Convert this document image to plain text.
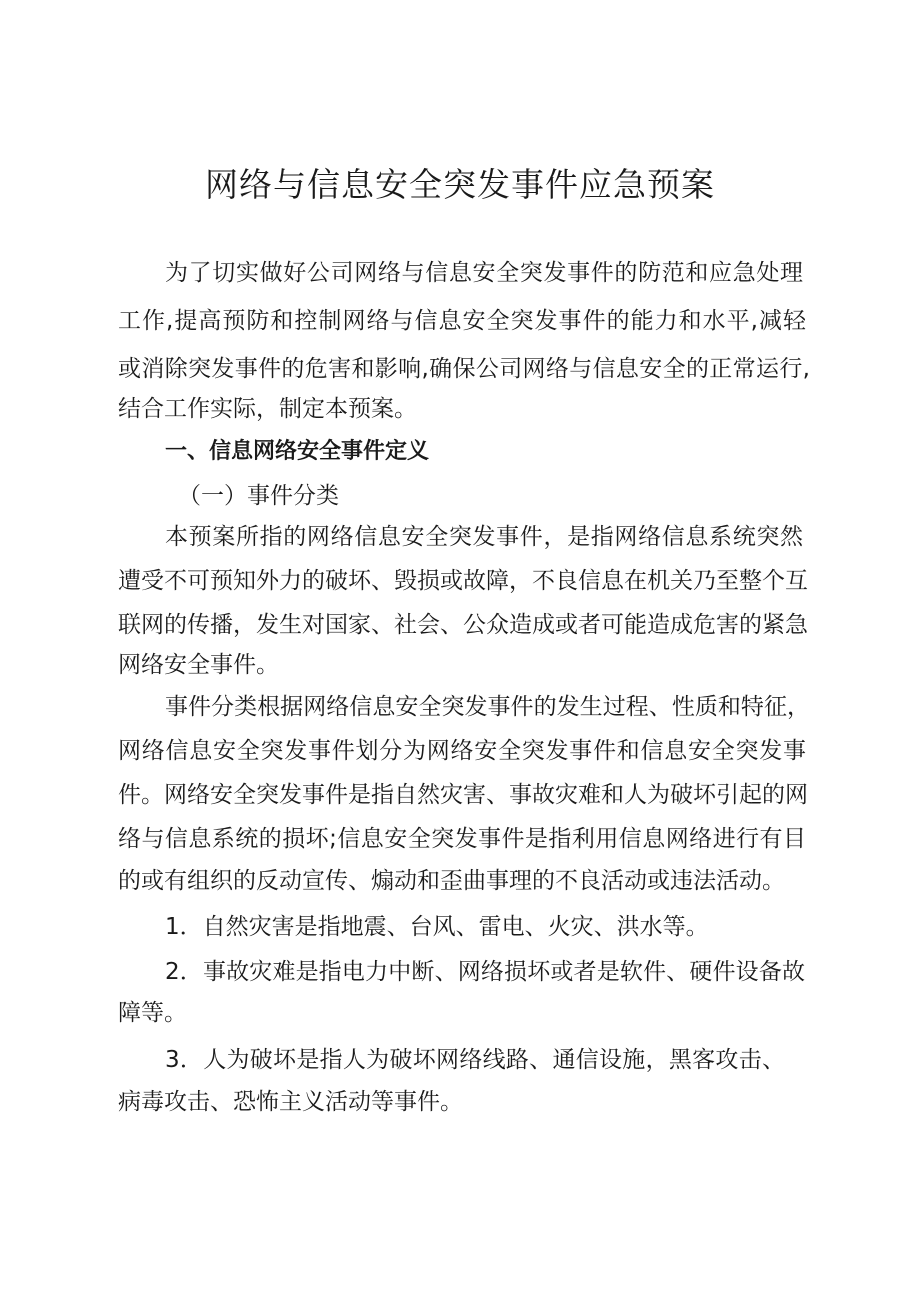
网络与信息安全突发事件应急预案
为了切实做好公司网络与信息安全突发事件的防范和应急处理
工作,提高预防和控制网络与信息安全突发事件的能力和水平,减轻
或消除突发事件的危害和影响,确保公司网络与信息安全的正常运行,
结合工作实际，制定本预案。
一、信息网络安全事件定义
（一）事件分类
本预案所指的网络信息安全突发事件，是指网络信息系统突然
遭受不可预知外力的破坏、毁损或故障，不良信息在机关乃至整个互
联网的传播，发生对国家、社会、公众造成或者可能造成危害的紧急
网络安全事件。
事件分类根据网络信息安全突发事件的发生过程、性质和特征，
网络信息安全突发事件划分为网络安全突发事件和信息安全突发事
件。网络安全突发事件是指自然灾害、事故灾难和人为破坏引起的网
络与信息系统的损坏;信息安全突发事件是指利用信息网络进行有目
的或有组织的反动宣传、煽动和歪曲事理的不良活动或违法活动。
1．自然灾害是指地震、台风、雷电、火灾、洪水等。
2．事故灾难是指电力中断、网络损坏或者是软件、硬件设备故
障等。
3．人为破坏是指人为破坏网络线路、通信设施，黑客攻击、
病毒攻击、恐怖主义活动等事件。
